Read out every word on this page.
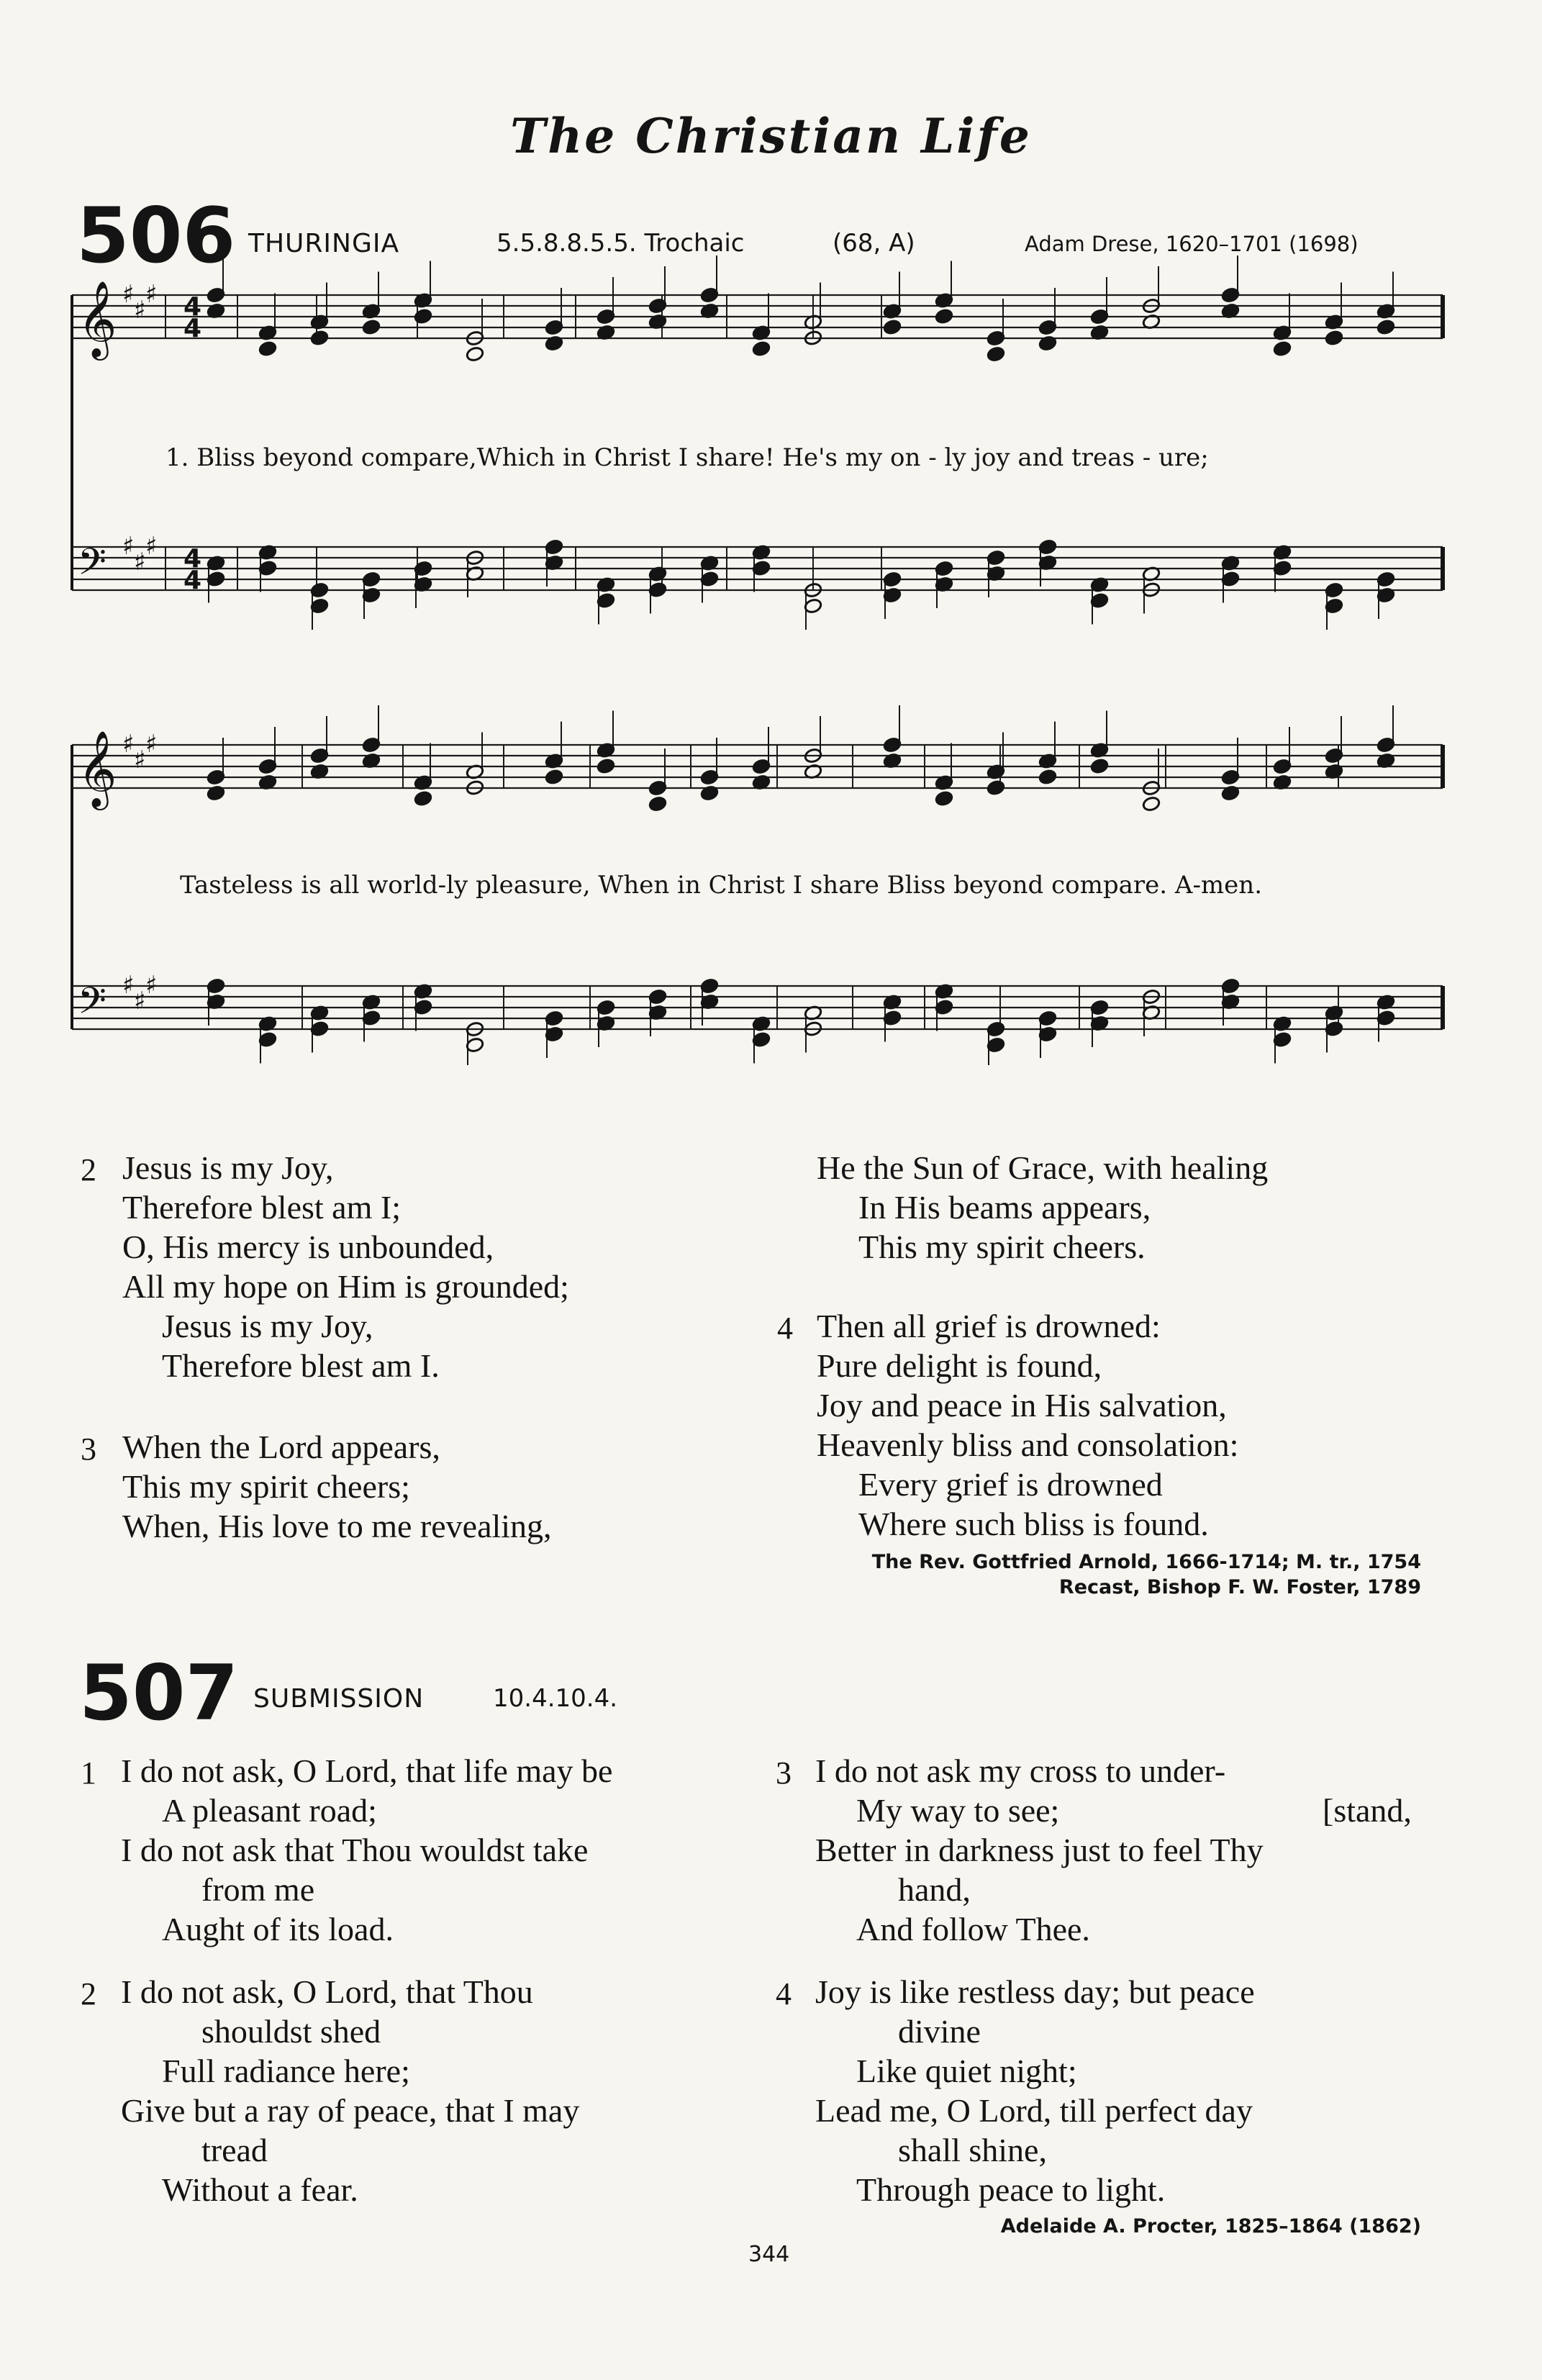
The Christian Life
506 THURINGIA	5.5.8.8.5.5. Trochaic	(68, A)	Adam Drese, 1620–1701 (1698)
𝄞 ♯
♯
♯ 4
4
𝄢 ♯
♯
♯ 4
4
𝄞 ♯
♯
♯
𝄢 ♯
♯
♯
1. Bliss beyond compare,Which in Christ I share! He's my on - ly joy and treas - ure;
Tasteless is all world-ly pleasure, When in Christ I share Bliss beyond compare. A-men.
2 Jesus is my Joy,
Therefore blest am I;
O, His mercy is unbounded,
All my hope on Him is grounded;
Jesus is my Joy,
Therefore blest am I.
3 When the Lord appears,
This my spirit cheers;
When, His love to me revealing,
He the Sun of Grace, with healing
In His beams appears,
This my spirit cheers.
4 Then all grief is drowned:
Pure delight is found,
Joy and peace in His salvation,
Heavenly bliss and consolation:
Every grief is drowned
Where such bliss is found.
The Rev. Gottfried Arnold, 1666-1714; M. tr., 1754
Recast, Bishop F. W. Foster, 1789
507 SUBMISSION	10.4.10.4.
1 I do not ask, O Lord, that life may be
A pleasant road;
I do not ask that Thou wouldst take
from me
Aught of its load.
2 I do not ask, O Lord, that Thou
shouldst shed
Full radiance here;
Give but a ray of peace, that I may
tread
Without a fear.
3 I do not ask my cross to under-
My way to see;	[stand,
Better in darkness just to feel Thy
hand,
And follow Thee.
4 Joy is like restless day; but peace
divine
Like quiet night;
Lead me, O Lord, till perfect day
shall shine,
Through peace to light.
Adelaide A. Procter, 1825–1864 (1862)
344
